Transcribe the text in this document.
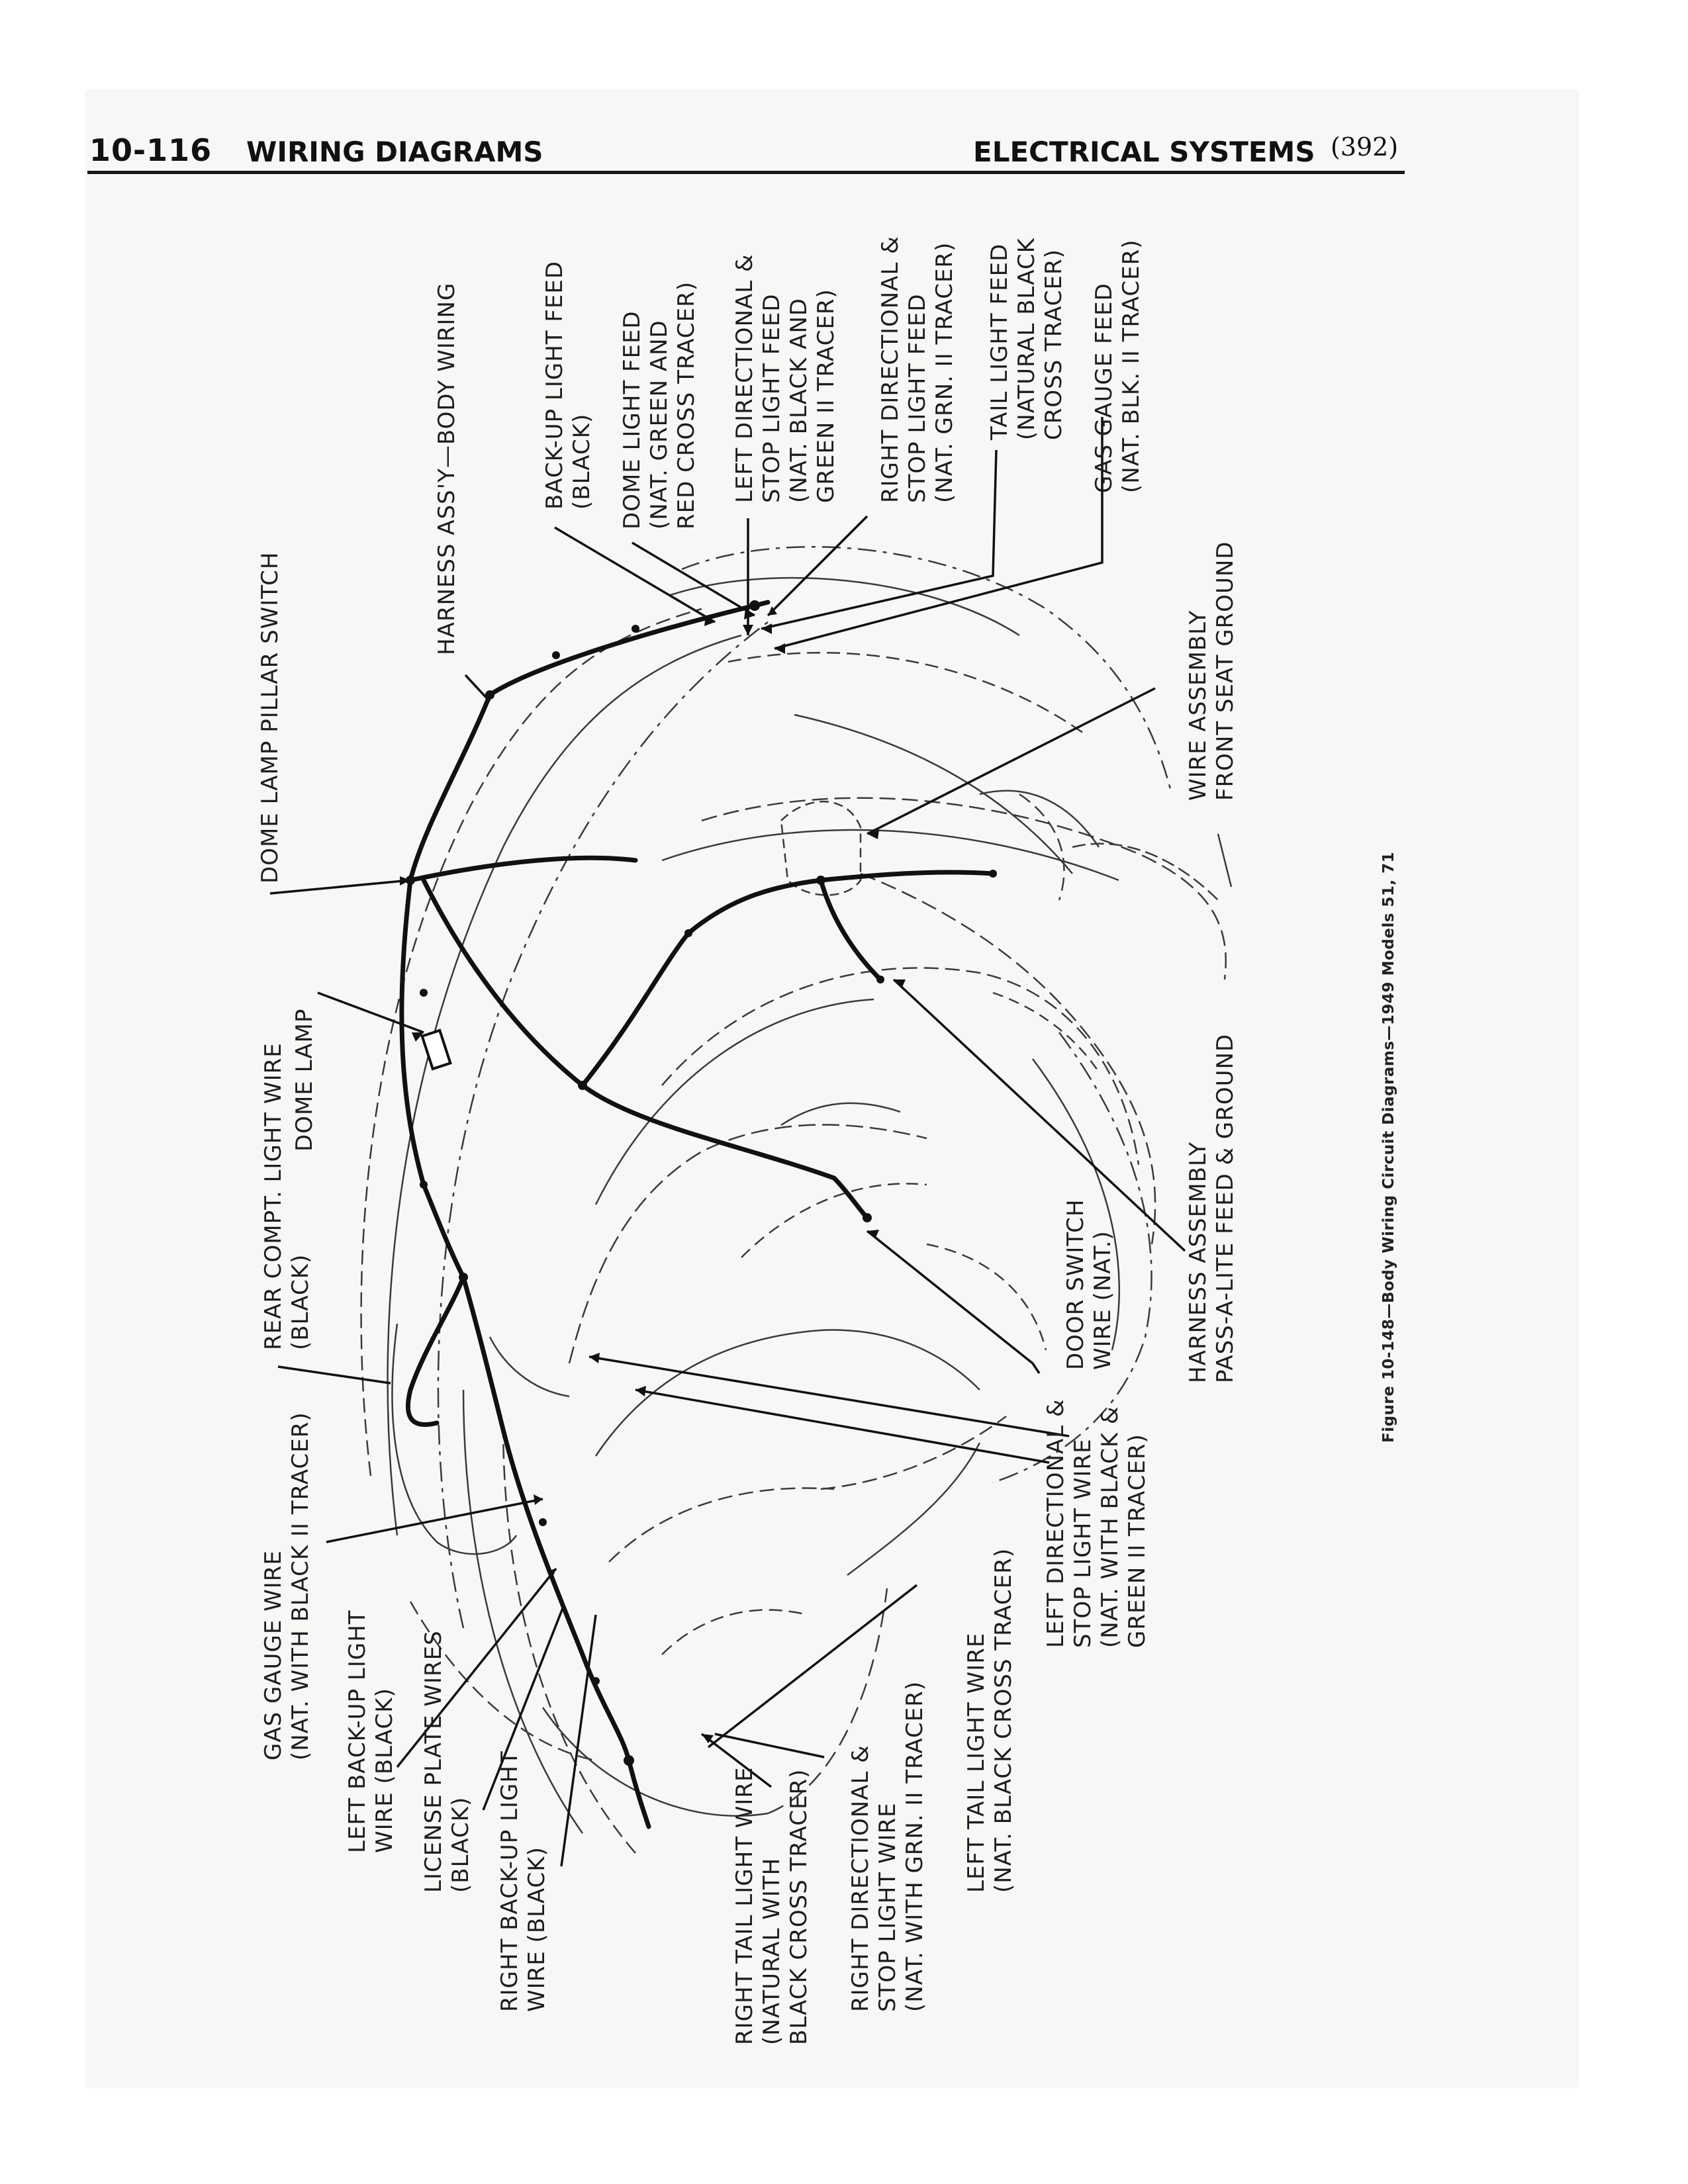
10-116 WIRING DIAGRAMS	ELECTRICAL SYSTEMS (392)
GAS GAUGE WIRE (NAT. WITH BLACK II TRACER) LEFT BACK-UP LIGHT WIRE (BLACK) LICENSE PLATE WIRES (BLACK) RIGHT BACK-UP LIGHT WIRE (BLACK)	RIGHT TAIL LIGHT WIRE (NATURAL WITH BLACK CROSS TRACER) RIGHT DIRECTIONAL & STOP LIGHT WIRE (NAT. WITH GRN. II TRACER) LEFT TAIL LIGHT WIRE (NAT. BLACK CROSS TRACER)
LEFT DIRECTIONAL & STOP LIGHT WIRE (NAT. WITH BLACK & GREEN II TRACER)
REAR COMPT. LIGHT WIRE (BLACK)
DOME LAMP
DOOR SWITCH WIRE (NAT.)
DOME LAMP PILLAR SWITCH
HARNESS ASSEMBLY PASS-A-LITE FEED & GROUND
HARNESS ASS'Y—BODY WIRING
WIRE ASSEMBLY FRONT SEAT GROUND
BACK-UP LIGHT FEED (BLACK) DOME LIGHT FEED (NAT. GREEN AND RED CROSS TRACER) LEFT DIRECTIONAL & STOP LIGHT FEED (NAT. BLACK AND GREEN II TRACER) RIGHT DIRECTIONAL & STOP LIGHT FEED (NAT. GRN. II TRACER) TAIL LIGHT FEED (NATURAL BLACK CROSS TRACER) GAS GAUGE FEED (NAT. BLK. II TRACER)
Figure 10-148—Body Wiring Circuit Diagrams—1949 Models 51, 71
